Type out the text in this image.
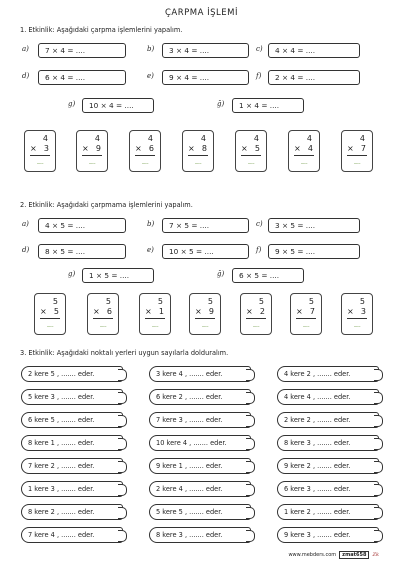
ÇARPMA İŞLEMİ
1. Etkinlik: Aşağıdaki çarpma işlemlerini yapalım.
a)	7 × 4 = ....	b)	3 × 4 = ....	c)	4 × 4 = ....
d)	6 × 4 = ....	e)	9 × 4 = ....	f)	2 × 4 = ....
g)	10 × 4 = ....	ğ)	1 × 4 = ....
4
× 3
......
4
× 9
......
4
× 6
......
4
× 8
......
4
× 5
......
4
× 4
......
4
× 7
......
2. Etkinlik: Aşağıdaki çarpmama işlemlerini yapalım.
a)	4 × 5 = ....	b)	7 × 5 = ....	c)	3 × 5 = ....
d)	8 × 5 = ....	e)	10 × 5 = ....	f)	9 × 5 = ....
g)	1 × 5 = ....	ğ)	6 × 5 = ....
5
× 5
......
5
× 6
......
5
× 1
......
5
× 9
......
5
× 2
......
5
× 7
......
5
× 3
......
3. Etkinlik: Aşağıdaki noktalı yerleri uygun sayılarla dolduralım.
2 kere 5 , ....... eder.
5 kere 3 , ....... eder.
6 kere 5 , ....... eder.
8 kere 1 , ....... eder.
7 kere 2 , ....... eder.
1 kere 3 , ....... eder.
8 kere 2 , ....... eder.
7 kere 4 , ....... eder.
3 kere 4 , ....... eder.
6 kere 2 , ....... eder.
7 kere 3 , ....... eder.
10 kere 4 , ....... eder.
9 kere 1 , ....... eder.
2 kere 4 , ....... eder.
5 kere 5 , ....... eder.
8 kere 3 , ....... eder.
4 kere 2 , ....... eder.
4 kere 4 , ....... eder.
2 kere 2 , ....... eder.
8 kere 3 , ....... eder.
9 kere 2 , ....... eder.
6 kere 3 , ....... eder.
1 kere 2 , ....... eder.
9 kere 3 , ....... eder.
www.mebders.com	zmat658	Zk
